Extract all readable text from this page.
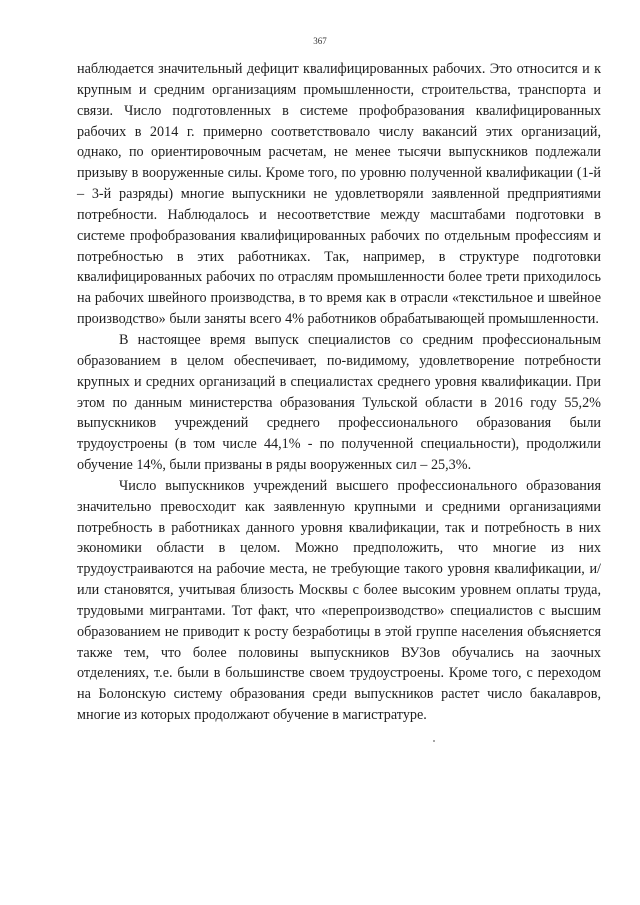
367

наблюдается значительный дефицит квалифицированных рабочих. Это относится и к крупным и средним организациям промышленности, строительства, транспорта и связи. Число подготовленных в системе профобразования квалифицированных рабочих в 2014 г. примерно соответствовало числу вакансий этих организаций, однако, по ориентировочным расчетам, не менее тысячи выпускников подлежали призыву в вооруженные силы. Кроме того, по уровню полученной квалификации (1-й – 3-й разряды) многие выпускники не удовлетворяли заявленной предприятиями потребности. Наблюдалось и несоответствие между масштабами подготовки в системе профобразования квалифицированных рабочих по отдельным профессиям и потребностью в этих работниках. Так, например, в структуре подготовки квалифицированных рабочих по отраслям промышленности более трети приходилось на рабочих швейного производства, в то время как в отрасли «текстильное и швейное производство» были заняты всего 4% работников обрабатывающей промышленности.

В настоящее время выпуск специалистов со средним профессиональным образованием в целом обеспечивает, по-видимому, удовлетворение потребности крупных и средних организаций в специалистах среднего уровня квалификации. При этом по данным министерства образования Тульской области в 2016 году 55,2% выпускников учреждений среднего профессионального образования были трудоустроены (в том числе 44,1% - по полученной специальности), продолжили обучение 14%, были призваны в ряды вооруженных сил – 25,3%.

Число выпускников учреждений высшего профессионального образования значительно превосходит как заявленную крупными и средними организациями потребность в работниках данного уровня квалификации, так и потребность в них экономики области в целом. Можно предположить, что многие из них трудоустраиваются на рабочие места, не требующие такого уровня квалификации, и/или становятся, учитывая близость Москвы с более высоким уровнем оплаты труда, трудовыми мигрантами. Тот факт, что «перепроизводство» специалистов с высшим образованием не приводит к росту безработицы в этой группе населения объясняется также тем, что более половины выпускников ВУЗов обучались на заочных отделениях, т.е. были в большинстве своем трудоустроены. Кроме того, с переходом на Болонскую систему образования среди выпускников растет число бакалавров, многие из которых продолжают обучение в магистратуре.
